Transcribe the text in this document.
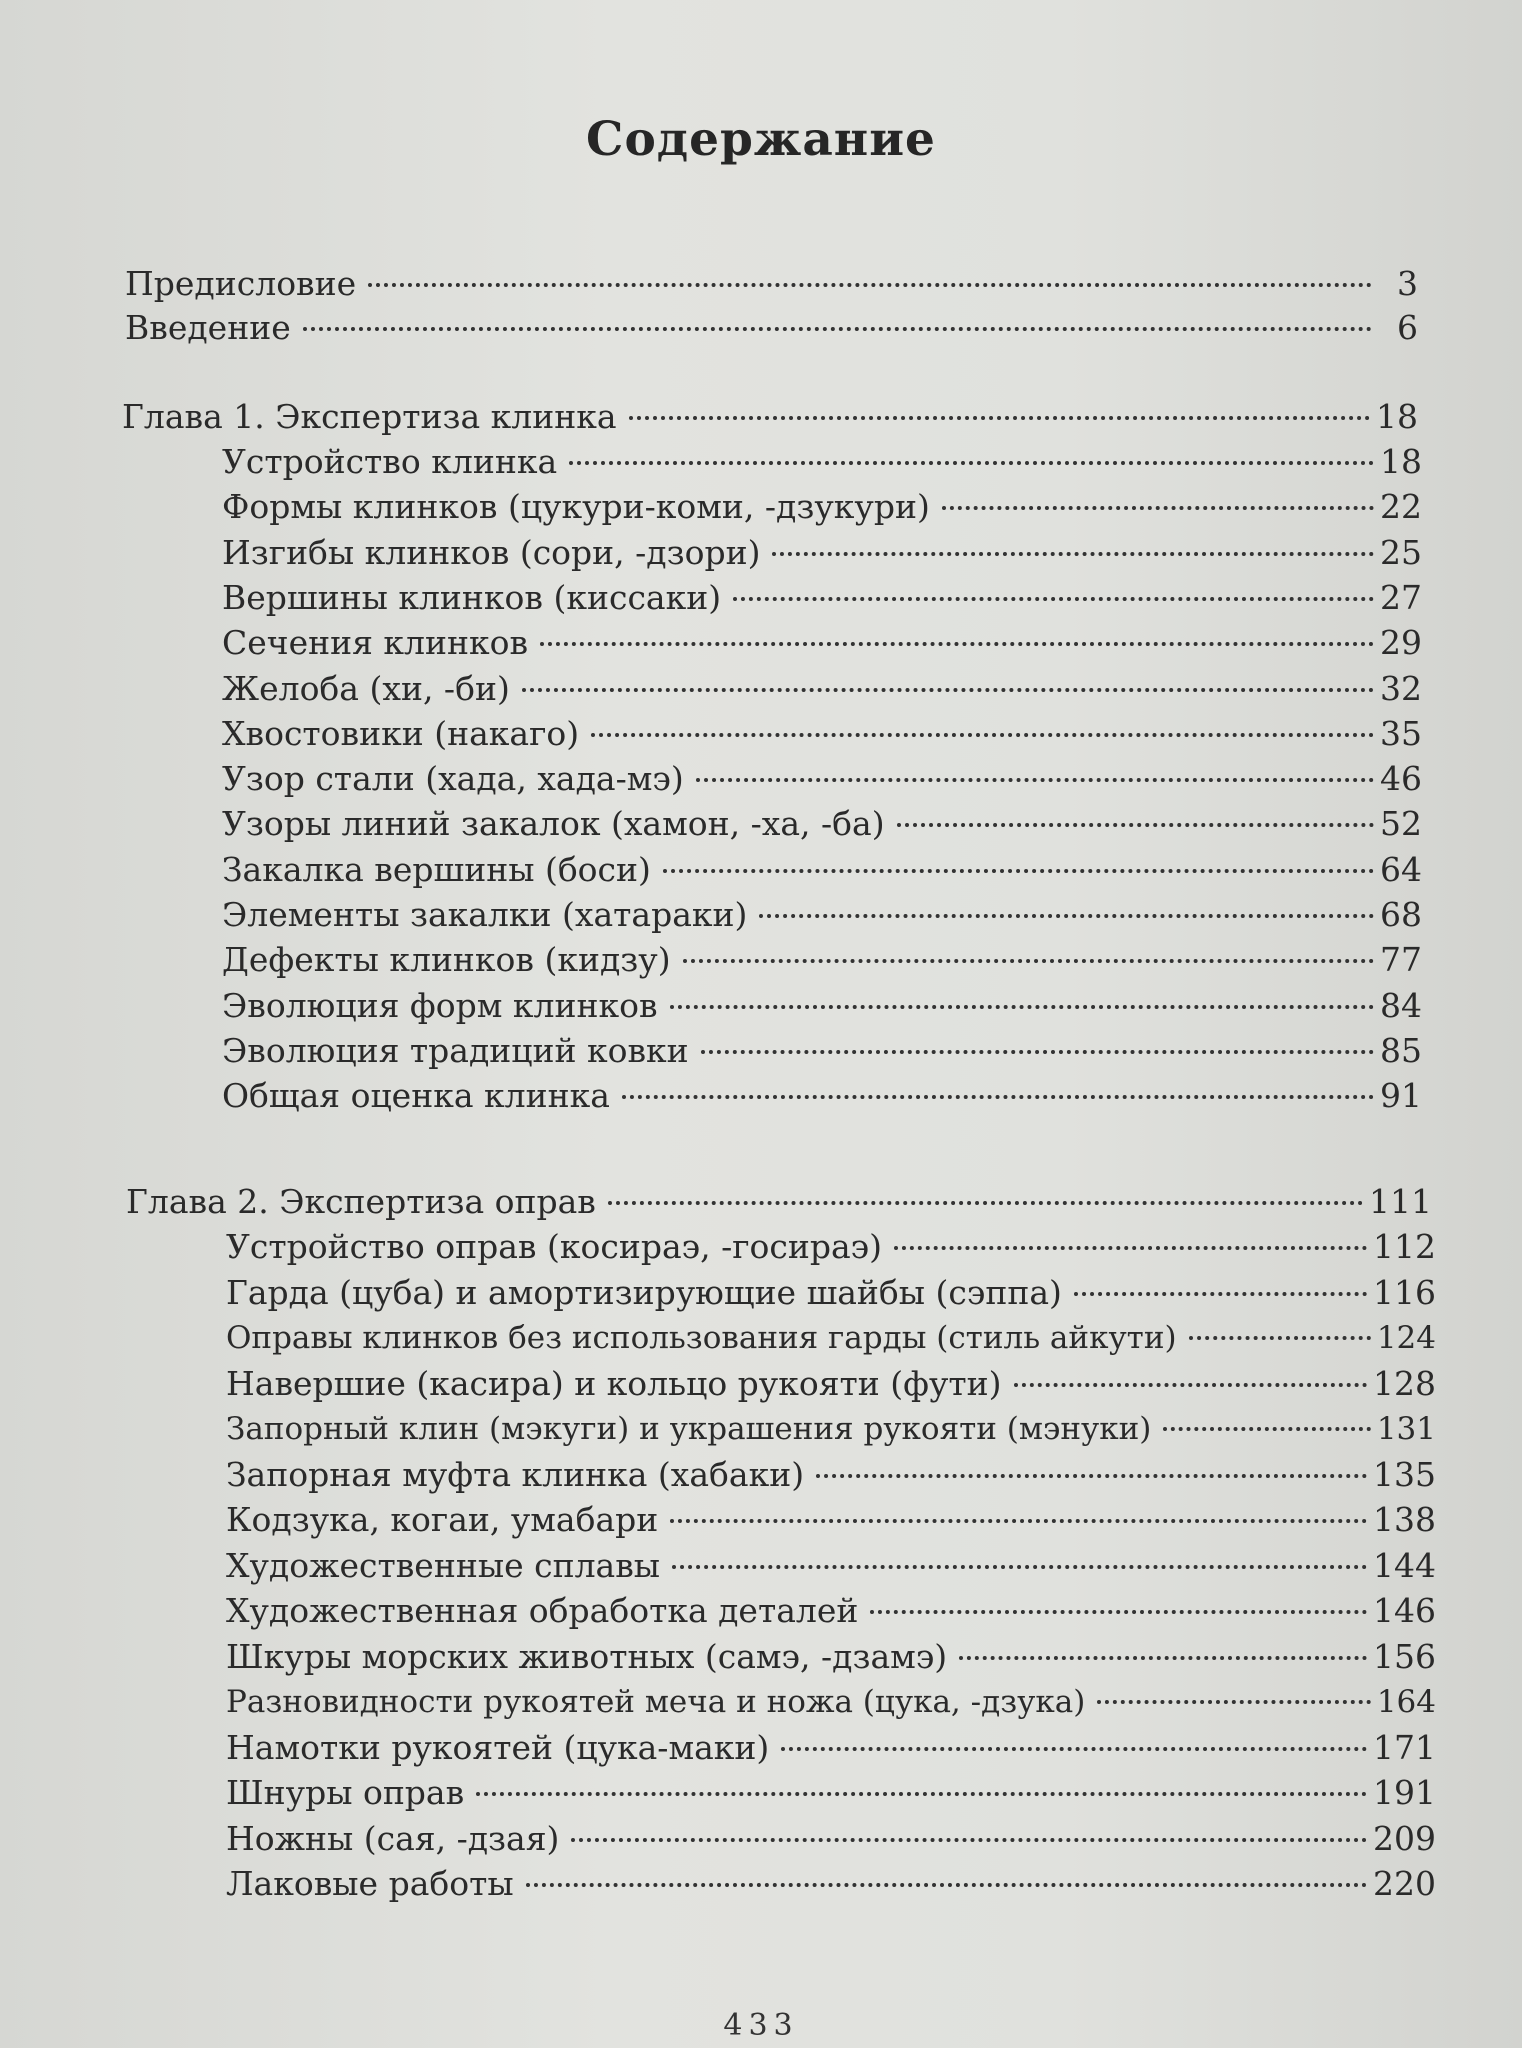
Содержание
Предисловие	3
Введение	6
Глава 1. Экспертиза клинка	18
Устройство клинка	18
Формы клинков (цукури-коми, -дзукури)	22
Изгибы клинков (сори, -дзори)	25
Вершины клинков (киссаки)	27
Сечения клинков	29
Желоба (хи, -би)	32
Хвостовики (накаго)	35
Узор стали (хада, хада-мэ)	46
Узоры линий закалок (хамон, -ха, -ба)	52
Закалка вершины (боси)	64
Элементы закалки (хатараки)	68
Дефекты клинков (кидзу)	77
Эволюция форм клинков	84
Эволюция традиций ковки	85
Общая оценка клинка	91
Глава 2. Экспертиза оправ	111
Устройство оправ (косираэ, -госираэ)	112
Гарда (цуба) и амортизирующие шайбы (сэппа)	116
Оправы клинков без использования гарды (стиль айкути)	124
Навершие (касира) и кольцо рукояти (фути)	128
Запорный клин (мэкуги) и украшения рукояти (мэнуки)	131
Запорная муфта клинка (хабаки)	135
Кодзука, когаи, умабари	138
Художественные сплавы	144
Художественная обработка деталей	146
Шкуры морских животных (самэ, -дзамэ)	156
Разновидности рукоятей меча и ножа (цука, -дзука)	164
Намотки рукоятей (цука-маки)	171
Шнуры оправ	191
Ножны (сая, -дзая)	209
Лаковые работы	220
433
